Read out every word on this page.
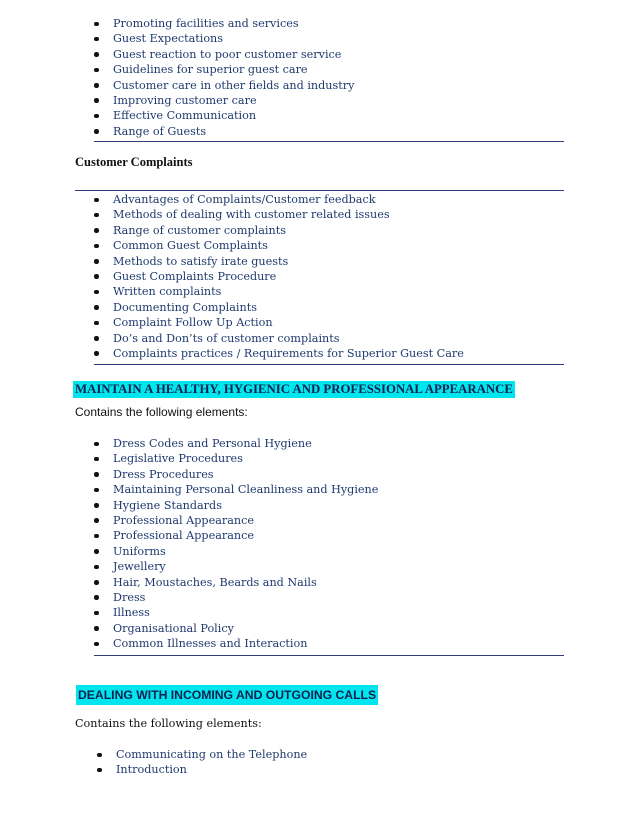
Promoting facilities and services
Guest Expectations
Guest reaction to poor customer service
Guidelines for superior guest care
Customer care in other fields and industry
Improving customer care
Effective Communication
Range of Guests
Customer Complaints
Advantages of Complaints/Customer feedback
Methods of dealing with customer related issues
Range of customer complaints
Common Guest Complaints
Methods to satisfy irate guests
Guest Complaints Procedure
Written complaints
Documenting Complaints
Complaint Follow Up Action
Do’s and Don’ts of customer complaints
Complaints practices / Requirements for Superior Guest Care
MAINTAIN A HEALTHY, HYGIENIC AND PROFESSIONAL APPEARANCE
Contains the following elements:
Dress Codes and Personal Hygiene
Legislative Procedures
Dress Procedures
Maintaining Personal Cleanliness and Hygiene
Hygiene Standards
Professional Appearance
Professional Appearance
Uniforms
Jewellery
Hair, Moustaches, Beards and Nails
Dress
Illness
Organisational Policy
Common Illnesses and Interaction
DEALING WITH INCOMING AND OUTGOING CALLS
Contains the following elements:
Communicating on the Telephone
Introduction
